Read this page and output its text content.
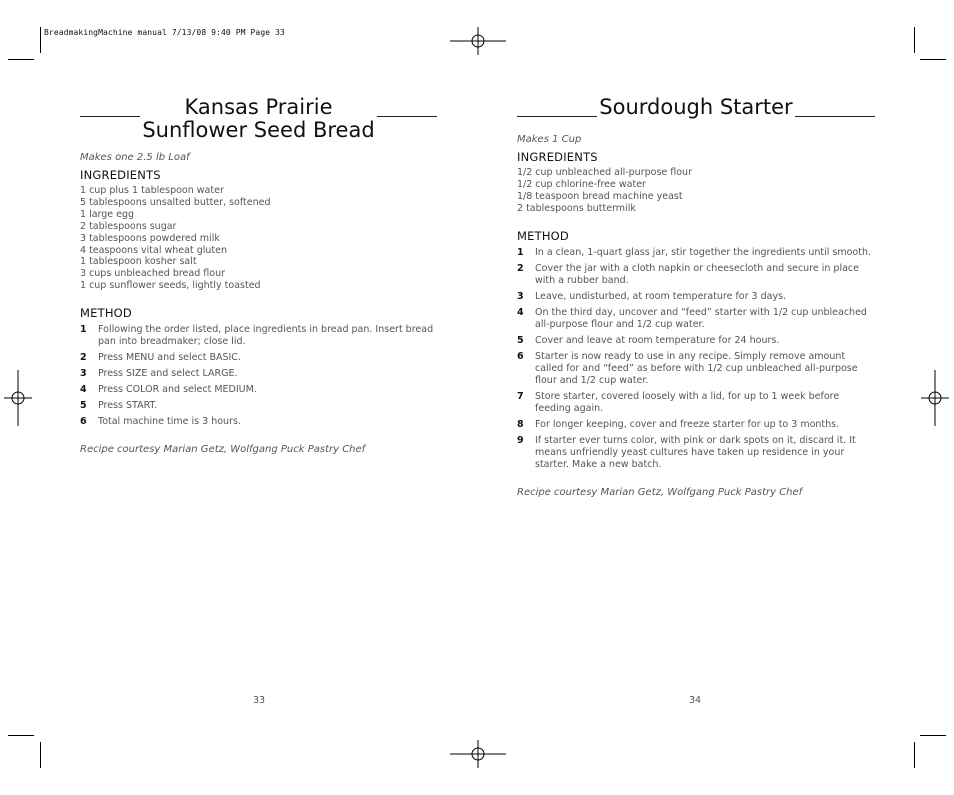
BreadmakingMachine manual 7/13/08 9:40 PM Page 33
Kansas Prairie
Sunflower Seed Bread
Makes one 2.5 lb Loaf
INGREDIENTS
1 cup plus 1 tablespoon water
5 tablespoons unsalted butter, softened
1 large egg
2 tablespoons sugar
3 tablespoons powdered milk
4 teaspoons vital wheat gluten
1 tablespoon kosher salt
3 cups unbleached bread flour
1 cup sunflower seeds, lightly toasted
METHOD
1 Following the order listed, place ingredients in bread pan. Insert bread pan into breadmaker; close lid.
2 Press MENU and select BASIC.
3 Press SIZE and select LARGE.
4 Press COLOR and select MEDIUM.
5 Press START.
6 Total machine time is 3 hours.
Recipe courtesy Marian Getz, Wolfgang Puck Pastry Chef
33
Sourdough Starter
Makes 1 Cup
INGREDIENTS
1/2 cup unbleached all-purpose flour
1/2 cup chlorine-free water
1/8 teaspoon bread machine yeast
2 tablespoons buttermilk
METHOD
1 In a clean, 1-quart glass jar, stir together the ingredients until smooth.
2 Cover the jar with a cloth napkin or cheesecloth and secure in place with a rubber band.
3 Leave, undisturbed, at room temperature for 3 days.
4 On the third day, uncover and “feed” starter with 1/2 cup unbleached all-purpose flour and 1/2 cup water.
5 Cover and leave at room temperature for 24 hours.
6 Starter is now ready to use in any recipe. Simply remove amount called for and “feed” as before with 1/2 cup unbleached all-purpose flour and 1/2 cup water.
7 Store starter, covered loosely with a lid, for up to 1 week before feeding again.
8 For longer keeping, cover and freeze starter for up to 3 months.
9 If starter ever turns color, with pink or dark spots on it, discard it. It means unfriendly yeast cultures have taken up residence in your starter. Make a new batch.
Recipe courtesy Marian Getz, Wolfgang Puck Pastry Chef
34
